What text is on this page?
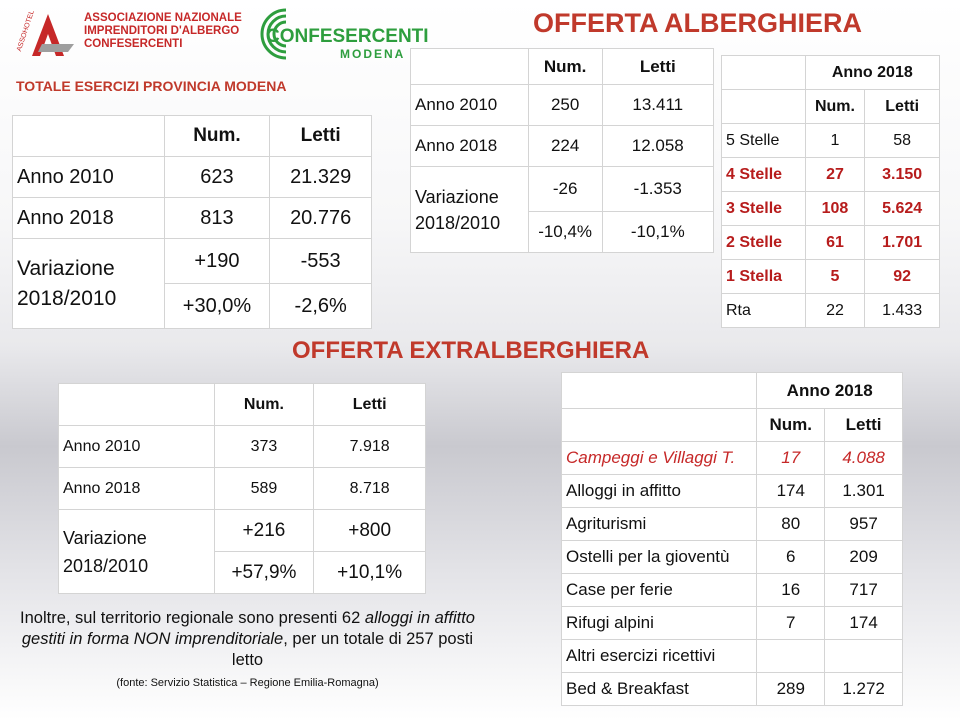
ASSOHOTEL	ASSOCIAZIONE NAZIONALE
IMPRENDITORI D'ALBERGO
CONFESERCENTI	CONFESERCENTI
MODENA
OFFERTA ALBERGHIERA
TOTALE ESERCIZI PROVINCIA MODENA
OFFERTA EXTRALBERGHIERA
	Num.	Letti
Anno 2010	623	21.329
Anno 2018	813	20.776
Variazione 2018/2010	+190	-553
	+30,0%	-2,6%
	Num.	Letti
Anno 2010	250	13.411
Anno 2018	224	12.058
Variazione 2018/2010	-26	-1.353
	-10,4%	-10,1%
	Anno 2018	
	Num.	Letti
5 Stelle	1	58
4 Stelle	27	3.150
3 Stelle	108	5.624
2 Stelle	61	1.701
1 Stella	5	92
Rta	22	1.433
	Num.	Letti
Anno 2010	373	7.918
Anno 2018	589	8.718
Variazione 2018/2010	+216	+800
	+57,9%	+10,1%
	Anno 2018	
	Num.	Letti
Campeggi e Villaggi T.	17	4.088
Alloggi in affitto	174	1.301
Agriturismi	80	957
Ostelli per la gioventù	6	209
Case per ferie	16	717
Rifugi alpini	7	174
Altri esercizi ricettivi		
Bed & Breakfast	289	1.272
Inoltre, sul territorio regionale sono presenti 62 alloggi in affitto gestiti in forma NON imprenditoriale, per un totale di 257 posti letto
(fonte: Servizio Statistica – Regione Emilia-Romagna)
